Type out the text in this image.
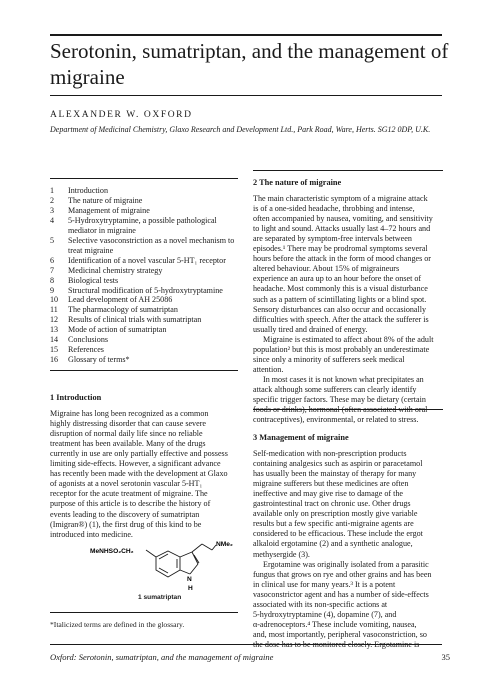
Serotonin, sumatriptan, and the management of migraine
ALEXANDER W. OXFORD
Department of Medicinal Chemistry, Glaxo Research and Development Ltd., Park Road, Ware, Herts. SG12 0DP, U.K.
1	Introduction
2	The nature of migraine
3	Management of migraine
4	5-Hydroxytryptamine, a possible pathological mediator in migraine
5	Selective vasoconstriction as a novel mechanism to treat migraine
6	Identification of a novel vascular 5-HT₁ receptor
7	Medicinal chemistry strategy
8	Biological tests
9	Structural modification of 5-hydroxytryptamine
10	Lead development of AH 25086
11	The pharmacology of sumatriptan
12	Results of clinical trials with sumatriptan
13	Mode of action of sumatriptan
14	Conclusions
15	References
16	Glossary of terms*

1 Introduction

Migraine has long been recognized as a common

highly distressing disorder that can cause severe

disruption of normal daily life since no reliable

treatment has been available. Many of the drugs

currently in use are only partially effective and possess

limiting side-effects. However, a significant advance

has recently been made with the development at Glaxo

of agonists at a novel serotonin vascular 5-HT₁

receptor for the acute treatment of migraine. The

purpose of this article is to describe the history of

events leading to the discovery of sumatriptan

(Imigran®) (1), the first drug of this kind to be

introduced into medicine.

MeNHSO₂CH₂
NMe₂
N
H
1 sumatriptan
*Italicized terms are defined in the glossary.

2 The nature of migraine

The main characteristic symptom of a migraine attack

is of a one-sided headache, throbbing and intense,

often accompanied by nausea, vomiting, and sensitivity

to light and sound. Attacks usually last 4–72 hours and

are separated by symptom-free intervals between

episodes.¹ There may be prodromal symptoms several

hours before the attack in the form of mood changes or

altered behaviour. About 15% of migraineurs

experience an aura up to an hour before the onset of

headache. Most commonly this is a visual disturbance

such as a pattern of scintillating lights or a blind spot.

Sensory disturbances can also occur and occasionally

difficulties with speech. After the attack the sufferer is

usually tired and drained of energy.

Migraine is estimated to affect about 8% of the adult

population² but this is most probably an underestimate

since only a minority of sufferers seek medical

attention.

In most cases it is not known what precipitates an

attack although some sufferers can clearly identify

specific trigger factors. These may be dietary (certain

contraceptives), environmental, or related to stress.

3 Management of migraine

Self-medication with non-prescription products

containing analgesics such as aspirin or paracetamol

has usually been the mainstay of therapy for many

migraine sufferers but these medicines are often

ineffective and may give rise to damage of the

gastrointestinal tract on chronic use. Other drugs

available only on prescription mostly give variable

results but a few specific anti-migraine agents are

considered to be efficacious. These include the ergot

alkaloid ergotamine (2) and a synthetic analogue,

methysergide (3).

Ergotamine was originally isolated from a parasitic

fungus that grows on rye and other grains and has been

in clinical use for many years.³ It is a potent

vasoconstrictor agent and has a number of side-effects

associated with its non-specific actions at

5-hydroxytryptamine (4), dopamine (7), and

α-adrenoceptors.⁴ These include vomiting, nausea,

and, most importantly, peripheral vasoconstriction, so

Oxford: Serotonin, sumatriptan, and the management of migraine	35
